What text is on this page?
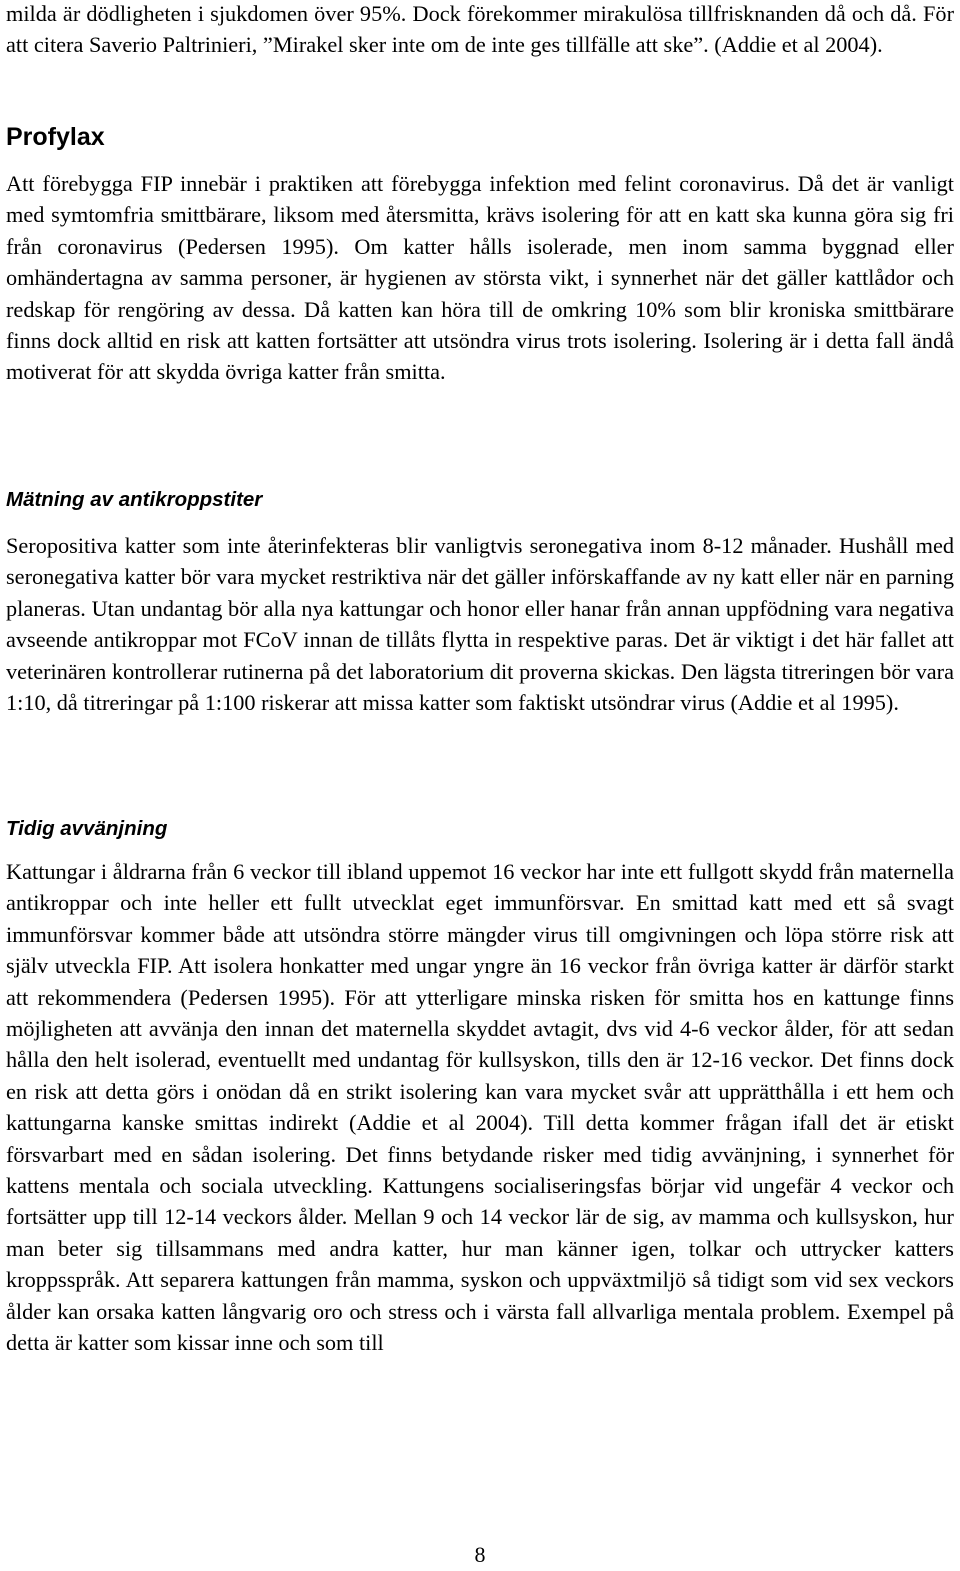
milda är dödligheten i sjukdomen över 95%. Dock förekommer mirakulösa tillfrisknanden då och då. För att citera Saverio Paltrinieri, ”Mirakel sker inte om de inte ges tillfälle att ske”. (Addie et al 2004).

Profylax

Att förebygga FIP innebär i praktiken att förebygga infektion med felint coronavirus. Då det är vanligt med symtomfria smittbärare, liksom med återsmitta, krävs isolering för att en katt ska kunna göra sig fri från coronavirus (Pedersen 1995). Om katter hålls isolerade, men inom samma byggnad eller omhändertagna av samma personer, är hygienen av största vikt, i synnerhet när det gäller kattlådor och redskap för rengöring av dessa. Då katten kan höra till de omkring 10% som blir kroniska smittbärare finns dock alltid en risk att katten fortsätter att utsöndra virus trots isolering. Isolering är i detta fall ändå motiverat för att skydda övriga katter från smitta.

Mätning av antikroppstiter

Seropositiva katter som inte återinfekteras blir vanligtvis seronegativa inom 8-12 månader. Hushåll med seronegativa katter bör vara mycket restriktiva när det gäller införskaffande av ny katt eller när en parning planeras. Utan undantag bör alla nya kattungar och honor eller hanar från annan uppfödning vara negativa avseende antikroppar mot FCoV innan de tillåts flytta in respektive paras. Det är viktigt i det här fallet att veterinären kontrollerar rutinerna på det laboratorium dit proverna skickas. Den lägsta titreringen bör vara 1:10, då titreringar på 1:100 riskerar att missa katter som faktiskt utsöndrar virus (Addie et al 1995).

Tidig avvänjning

Kattungar i åldrarna från 6 veckor till ibland uppemot 16 veckor har inte ett fullgott skydd från maternella antikroppar och inte heller ett fullt utvecklat eget immunförsvar. En smittad katt med ett så svagt immunförsvar kommer både att utsöndra större mängder virus till omgivningen och löpa större risk att själv utveckla FIP. Att isolera honkatter med ungar yngre än 16 veckor från övriga katter är därför starkt att rekommendera (Pedersen 1995). För att ytterligare minska risken för smitta hos en kattunge finns möjligheten att avvänja den innan det maternella skyddet avtagit, dvs vid 4-6 veckor ålder, för att sedan hålla den helt isolerad, eventuellt med undantag för kullsyskon, tills den är 12-16 veckor. Det finns dock en risk att detta görs i onödan då en strikt isolering kan vara mycket svår att upprätthålla i ett hem och kattungarna kanske smittas indirekt (Addie et al 2004). Till detta kommer frågan ifall det är etiskt försvarbart med en sådan isolering. Det finns betydande risker med tidig avvänjning, i synnerhet för kattens mentala och sociala utveckling. Kattungens socialiseringsfas börjar vid ungefär 4 veckor och fortsätter upp till 12-14 veckors ålder. Mellan 9 och 14 veckor lär de sig, av mamma och kullsyskon, hur man beter sig tillsammans med andra katter, hur man känner igen, tolkar och uttrycker katters kroppsspråk. Att separera kattungen från mamma, syskon och uppväxtmiljö så tidigt som vid sex veckors ålder kan orsaka katten långvarig oro och stress och i värsta fall allvarliga mentala problem. Exempel på detta är katter som kissar inne och som till

8
